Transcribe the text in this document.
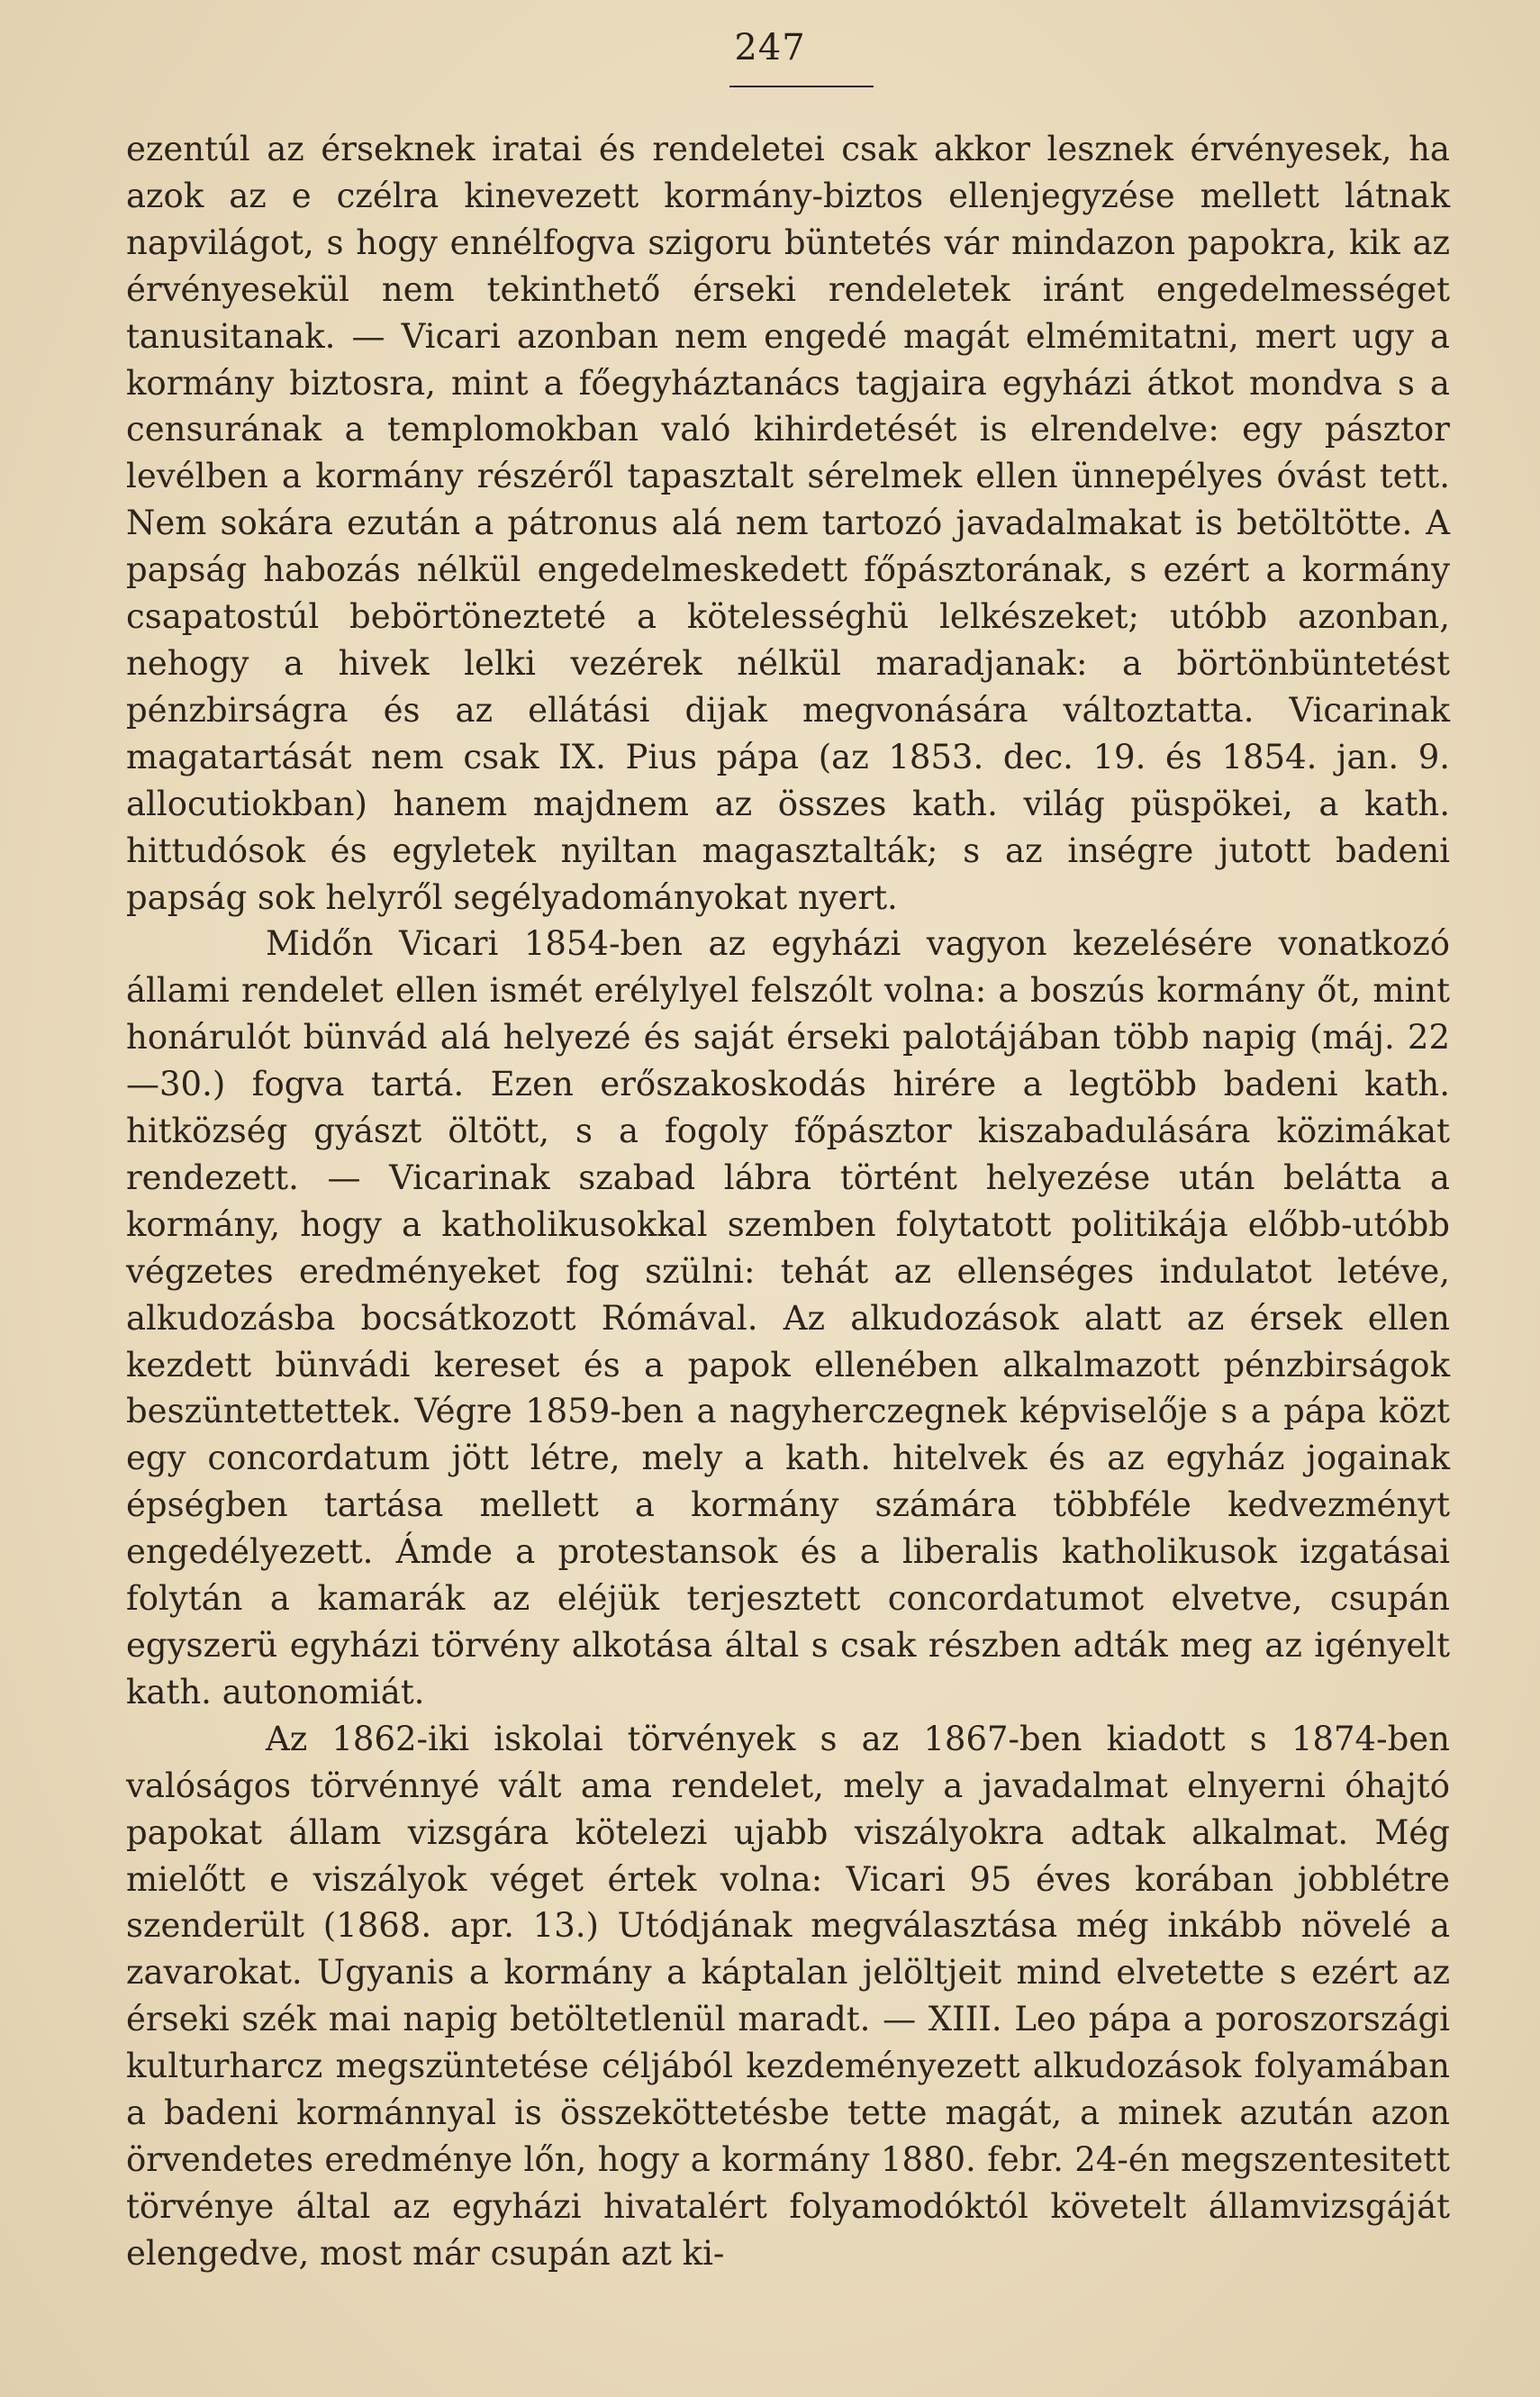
247

ezentúl az érseknek iratai és rendeletei csak akkor lesznek érvényesek, ha azok az e czélra kinevezett kormány-biztos ellenjegyzése mellett látnak napvilágot, s hogy ennélfogva szigoru büntetés vár mindazon papokra, kik az érvényesekül nem tekinthető érseki rendeletek iránt engedelmességet tanusitanak. — Vicari azonban nem engedé magát elmémitatni, mert ugy a kormány biztosra, mint a főegyháztanács tagjaira egyházi átkot mondva s a censurának a templomokban való kihirdetését is elrendelve: egy pásztor levélben a kormány részéről tapasztalt sérelmek ellen ünnepélyes óvást tett. Nem sokára ezután a pátronus alá nem tartozó javadalmakat is betöltötte. A papság habozás nélkül engedelmeskedett főpásztorának, s ezért a kormány csapatostúl bebörtönezteté a kötelességhü lelkészeket; utóbb azonban, nehogy a hivek lelki vezérek nélkül maradjanak: a börtönbüntetést pénzbirságra és az ellátási dijak megvonására változtatta. Vicarinak magatartását nem csak IX. Pius pápa (az 1853. dec. 19. és 1854. jan. 9. allocutiokban) hanem majdnem az összes kath. világ püspökei, a kath. hittudósok és egyletek nyiltan magasztalták; s az inségre jutott badeni papság sok helyről segélyadományokat nyert.

Midőn Vicari 1854-ben az egyházi vagyon kezelésére vonatkozó állami rendelet ellen ismét erélylyel felszólt volna: a boszús kormány őt, mint honárulót bünvád alá helyezé és saját érseki palotájában több napig (máj. 22—30.) fogva tartá. Ezen erőszakoskodás hirére a legtöbb badeni kath. hitközség gyászt öltött, s a fogoly főpásztor kiszabadulására közimákat rendezett. — Vicarinak szabad lábra történt helyezése után belátta a kormány, hogy a katholikusokkal szemben folytatott politikája előbb-utóbb végzetes eredményeket fog szülni: tehát az ellenséges indulatot letéve, alkudozásba bocsátkozott Rómával. Az alkudozások alatt az érsek ellen kezdett bünvádi kereset és a papok ellenében alkalmazott pénzbirságok beszüntettettek. Végre 1859-ben a nagyherczegnek képviselője s a pápa közt egy concordatum jött létre, mely a kath. hitelvek és az egyház jogainak épségben tartása mellett a kormány számára többféle kedvezményt engedélyezett. Ámde a protestansok és a liberalis katholikusok izgatásai folytán a kamarák az eléjük terjesztett concordatumot elvetve, csupán egyszerü egyházi törvény alkotása által s csak részben adták meg az igényelt kath. autonomiát.

Az 1862-iki iskolai törvények s az 1867-ben kiadott s 1874-ben valóságos törvénnyé vált ama rendelet, mely a javadalmat elnyerni óhajtó papokat állam vizsgára kötelezi ujabb viszályokra adtak alkalmat. Még mielőtt e viszályok véget értek volna: Vicari 95 éves korában jobblétre szenderült (1868. apr. 13.) Utódjának megválasztása még inkább növelé a zavarokat. Ugyanis a kormány a káptalan jelöltjeit mind elvetette s ezért az érseki szék mai napig betöltetlenül maradt. — XIII. Leo pápa a poroszországi kulturharcz megszüntetése céljából kezdeményezett alkudozások folyamában a badeni kormánnyal is összeköttetésbe tette magát, a minek azután azon örvendetes eredménye lőn, hogy a kormány 1880. febr. 24-én megszentesitett törvénye által az egyházi hivatalért folyamodóktól követelt államvizsgáját elengedve, most már csupán azt ki-
